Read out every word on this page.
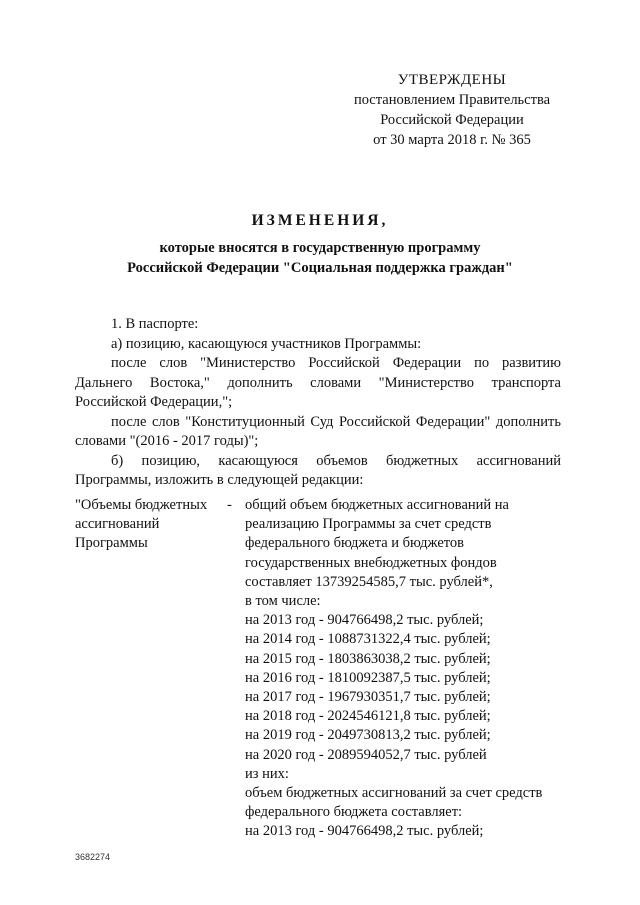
УТВЕРЖДЕНЫ
постановлением Правительства
Российской Федерации
от 30 марта 2018 г. № 365
ИЗМЕНЕНИЯ,
которые вносятся в государственную программу
Российской Федерации "Социальная поддержка граждан"

1. В паспорте:

а) позицию, касающуюся участников Программы:

после слов "Министерство Российской Федерации по развитию Дальнего Востока," дополнить словами "Министерство транспорта Российской Федерации,";

после слов "Конституционный Суд Российской Федерации" дополнить словами "(2016 - 2017 годы)";

б) позицию, касающуюся объемов бюджетных ассигнований Программы, изложить в следующей редакции:

"Объемы бюджетных
ассигнований
Программы
- общий объем бюджетных ассигнований на
реализацию Программы за счет средств
федерального бюджета и бюджетов
государственных внебюджетных фондов
составляет 13739254585,7 тыс. рублей*,
в том числе:
на 2013 год - 904766498,2 тыс. рублей;
на 2014 год - 1088731322,4 тыс. рублей;
на 2015 год - 1803863038,2 тыс. рублей;
на 2016 год - 1810092387,5 тыс. рублей;
на 2017 год - 1967930351,7 тыс. рублей;
на 2018 год - 2024546121,8 тыс. рублей;
на 2019 год - 2049730813,2 тыс. рублей;
на 2020 год - 2089594052,7 тыс. рублей
из них:
объем бюджетных ассигнований за счет средств
федерального бюджета составляет:
на 2013 год - 904766498,2 тыс. рублей;
3682274
